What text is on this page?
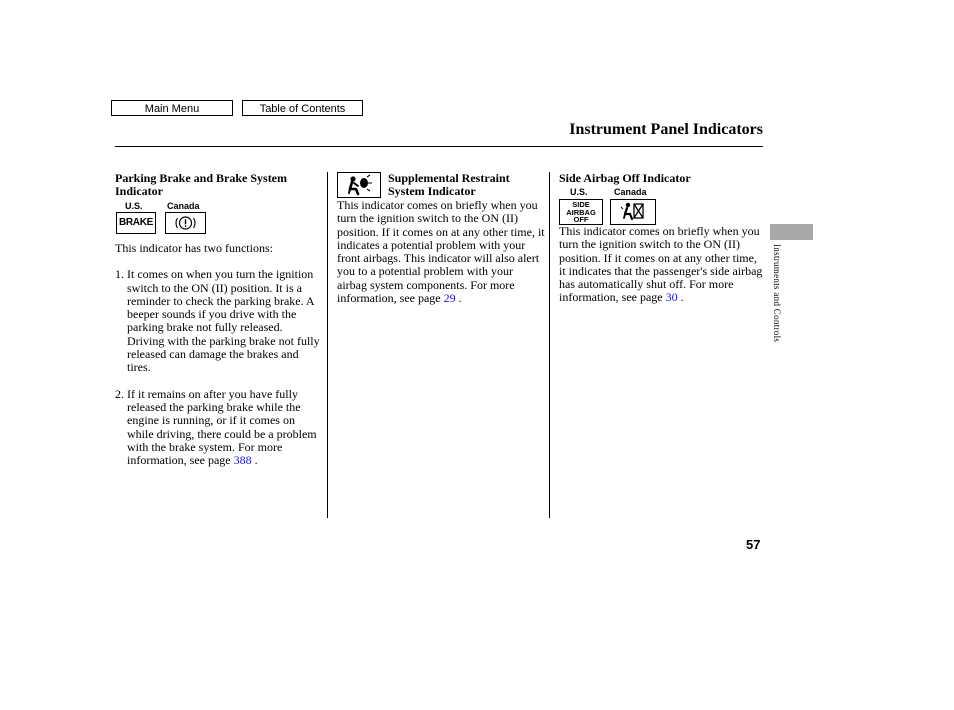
Main Menu	Table of Contents
Instrument Panel Indicators
Parking Brake and Brake System Indicator
U.S.	Canada
BRAKE

This indicator has two functions:

1. It comes on when you turn the ignition switch to the ON (II) position. It is a reminder to check the parking brake. A beeper sounds if you drive with the parking brake not fully released. Driving with the parking brake not fully released can damage the brakes and tires.
2. If it remains on after you have fully released the parking brake while the engine is running, or if it comes on while driving, there could be a problem with the brake system. For more information, see page 388 .
Supplemental Restraint System Indicator

This indicator comes on briefly when you turn the ignition switch to the ON (II) position. If it comes on at any other time, it indicates a potential problem with your front airbags. This indicator will also alert you to a potential problem with your airbag system components. For more information, see page 29 .

Side Airbag Off Indicator
U.S.	Canada
SIDE
AIRBAG
OFF

This indicator comes on briefly when you turn the ignition switch to the ON (II) position. If it comes on at any other time, it indicates that the passenger's side airbag has automatically shut off. For more information, see page 30 .	Instruments and Controls
57
